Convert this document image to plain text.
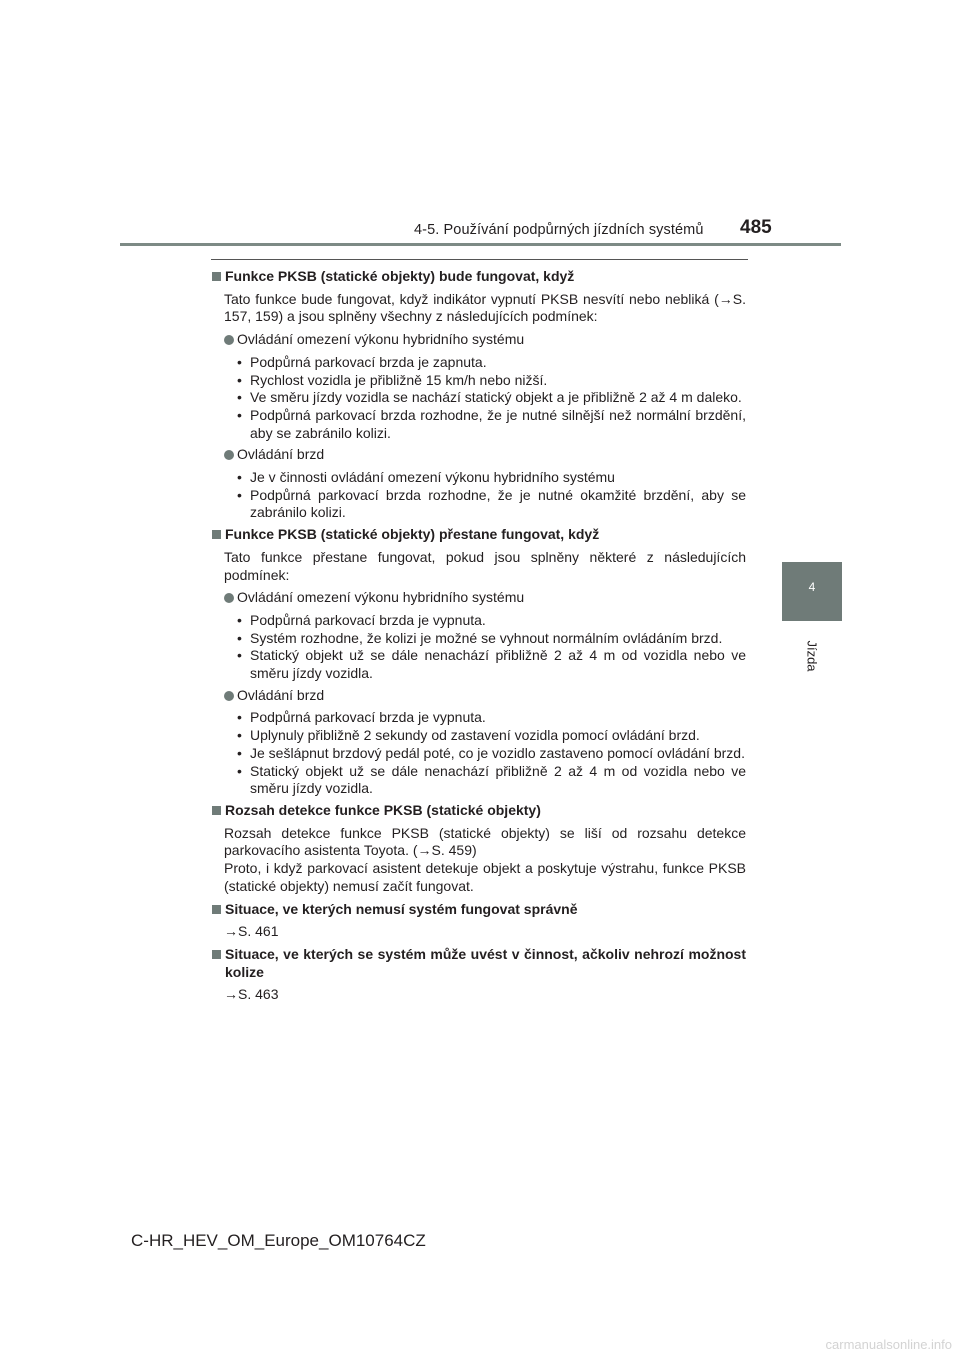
4-5. Používání podpůrných jízdních systémů 485
4
Jízda
Funkce PKSB (statické objekty) bude fungovat, když
Tato funkce bude fungovat, když indikátor vypnutí PKSB nesvítí nebo nebliká (→S. 157, 159) a jsou splněny všechny z následujících podmínek:
Ovládání omezení výkonu hybridního systému
• Podpůrná parkovací brzda je zapnuta.
• Rychlost vozidla je přibližně 15 km/h nebo nižší.
• Ve směru jízdy vozidla se nachází statický objekt a je přibližně 2 až 4 m daleko.
• Podpůrná parkovací brzda rozhodne, že je nutné silnější než normální brzdění, aby se zabránilo kolizi.
Ovládání brzd
• Je v činnosti ovládání omezení výkonu hybridního systému
• Podpůrná parkovací brzda rozhodne, že je nutné okamžité brzdění, aby se zabránilo kolizi.
Funkce PKSB (statické objekty) přestane fungovat, když
Tato funkce přestane fungovat, pokud jsou splněny některé z následujících podmínek:
Ovládání omezení výkonu hybridního systému
• Podpůrná parkovací brzda je vypnuta.
• Systém rozhodne, že kolizi je možné se vyhnout normálním ovládáním brzd.
• Statický objekt už se dále nenachází přibližně 2 až 4 m od vozidla nebo ve směru jízdy vozidla.
Ovládání brzd
• Podpůrná parkovací brzda je vypnuta.
• Uplynuly přibližně 2 sekundy od zastavení vozidla pomocí ovládání brzd.
• Je sešlápnut brzdový pedál poté, co je vozidlo zastaveno pomocí ovládání brzd.
• Statický objekt už se dále nenachází přibližně 2 až 4 m od vozidla nebo ve směru jízdy vozidla.
Rozsah detekce funkce PKSB (statické objekty)
Rozsah detekce funkce PKSB (statické objekty) se liší od rozsahu detekce parkovacího asistenta Toyota. (→S. 459)
Proto, i když parkovací asistent detekuje objekt a poskytuje výstrahu, funkce PKSB (statické objekty) nemusí začít fungovat.
Situace, ve kterých nemusí systém fungovat správně
→S. 461
Situace, ve kterých se systém může uvést v činnost, ačkoliv nehrozí možnost kolize
→S. 463
C-HR_HEV_OM_Europe_OM10764CZ
carmanualsonline.info
